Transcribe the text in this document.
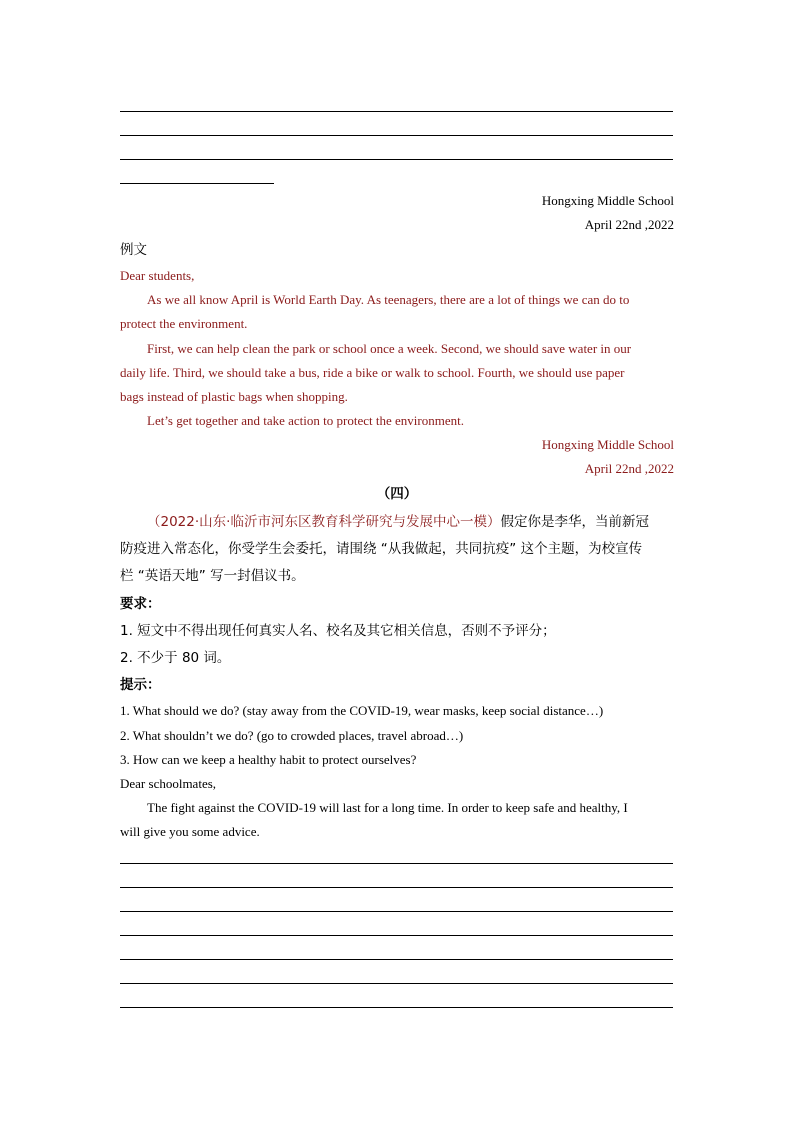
Hongxing Middle School
April 22nd ,2022
例文
Dear students,
As we all know April is World Earth Day. As teenagers, there are a lot of things we can do to
protect the environment.
First, we can help clean the park or school once a week. Second, we should save water in our
daily life. Third, we should take a bus, ride a bike or walk to school. Fourth, we should use paper
bags instead of plastic bags when shopping.
Let’s get together and take action to protect the environment.
Hongxing Middle School
April 22nd ,2022
（四）
（2022·山东·临沂市河东区教育科学研究与发展中心一模）假定你是李华，当前新冠
防疫进入常态化，你受学生会委托，请围绕 “从我做起，共同抗疫” 这个主题，为校宣传
栏 “英语天地” 写一封倡议书。
要求：
1. 短文中不得出现任何真实人名、校名及其它相关信息，否则不予评分；
2. 不少于 80 词。
提示：
1. What should we do? (stay away from the COVID-19, wear masks, keep social distance…)
2. What shouldn’t we do? (go to crowded places, travel abroad…)
3. How can we keep a healthy habit to protect ourselves?
Dear schoolmates,
The fight against the COVID-19 will last for a long time. In order to keep safe and healthy, I
will give you some advice.
